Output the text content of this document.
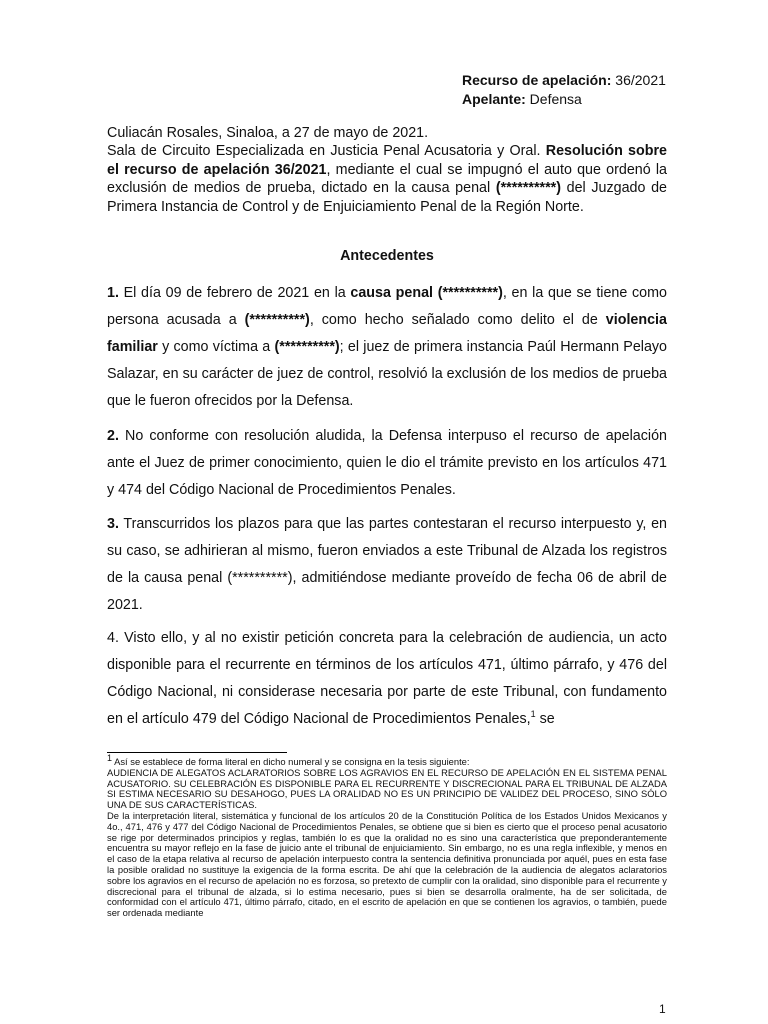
Recurso de apelación: 36/2021
Apelante: Defensa
Culiacán Rosales, Sinaloa, a 27 de mayo de 2021.
Sala de Circuito Especializada en Justicia Penal Acusatoria y Oral. Resolución sobre el recurso de apelación 36/2021, mediante el cual se impugnó el auto que ordenó la exclusión de medios de prueba, dictado en la causa penal (**********) del Juzgado de Primera Instancia de Control y de Enjuiciamiento Penal de la Región Norte.
Antecedentes

1. El día 09 de febrero de 2021 en la causa penal (**********), en la que se tiene como persona acusada a (**********), como hecho señalado como delito el de violencia familiar y como víctima a (**********); el juez de primera instancia Paúl Hermann Pelayo Salazar, en su carácter de juez de control, resolvió la exclusión de los medios de prueba que le fueron ofrecidos por la Defensa.

2. No conforme con resolución aludida, la Defensa interpuso el recurso de apelación ante el Juez de primer conocimiento, quien le dio el trámite previsto en los artículos 471 y 474 del Código Nacional de Procedimientos Penales.

3. Transcurridos los plazos para que las partes contestaran el recurso interpuesto y, en su caso, se adhirieran al mismo, fueron enviados a este Tribunal de Alzada los registros de la causa penal (**********), admitiéndose mediante proveído de fecha 06 de abril de 2021.

4. Visto ello, y al no existir petición concreta para la celebración de audiencia, un acto disponible para el recurrente en términos de los artículos 471, último párrafo, y 476 del Código Nacional, ni considerase necesaria por parte de este Tribunal, con fundamento en el artículo 479 del Código Nacional de Procedimientos Penales,$^1$ se

$^1$ Así se establece de forma literal en dicho numeral y se consigna en la tesis siguiente:

AUDIENCIA DE ALEGATOS ACLARATORIOS SOBRE LOS AGRAVIOS EN EL RECURSO DE APELACIÓN EN EL SISTEMA PENAL ACUSATORIO. SU CELEBRACIÓN ES DISPONIBLE PARA EL RECURRENTE Y DISCRECIONAL PARA EL TRIBUNAL DE ALZADA SI ESTIMA NECESARIO SU DESAHOGO, PUES LA ORALIDAD NO ES UN PRINCIPIO DE VALIDEZ DEL PROCESO, SINO SÓLO UNA DE SUS CARACTERÍSTICAS.

De la interpretación literal, sistemática y funcional de los artículos 20 de la Constitución Política de los Estados Unidos Mexicanos y 4o., 471, 476 y 477 del Código Nacional de Procedimientos Penales, se obtiene que si bien es cierto que el proceso penal acusatorio se rige por determinados principios y reglas, también lo es que la oralidad no es sino una característica que preponderantemente encuentra su mayor reflejo en la fase de juicio ante el tribunal de enjuiciamiento. Sin embargo, no es una regla inflexible, y menos en el caso de la etapa relativa al recurso de apelación interpuesto contra la sentencia definitiva pronunciada por aquél, pues en esta fase la posible oralidad no sustituye la exigencia de la forma escrita. De ahí que la celebración de la audiencia de alegatos aclaratorios sobre los agravios en el recurso de apelación no es forzosa, so pretexto de cumplir con la oralidad, sino disponible para el recurrente y discrecional para el tribunal de alzada, si lo estima necesario, pues si bien se desarrolla oralmente, ha de ser solicitada, de conformidad con el artículo 471, último párrafo, citado, en el escrito de apelación en que se contienen los agravios, o también, puede ser ordenada mediante

1
